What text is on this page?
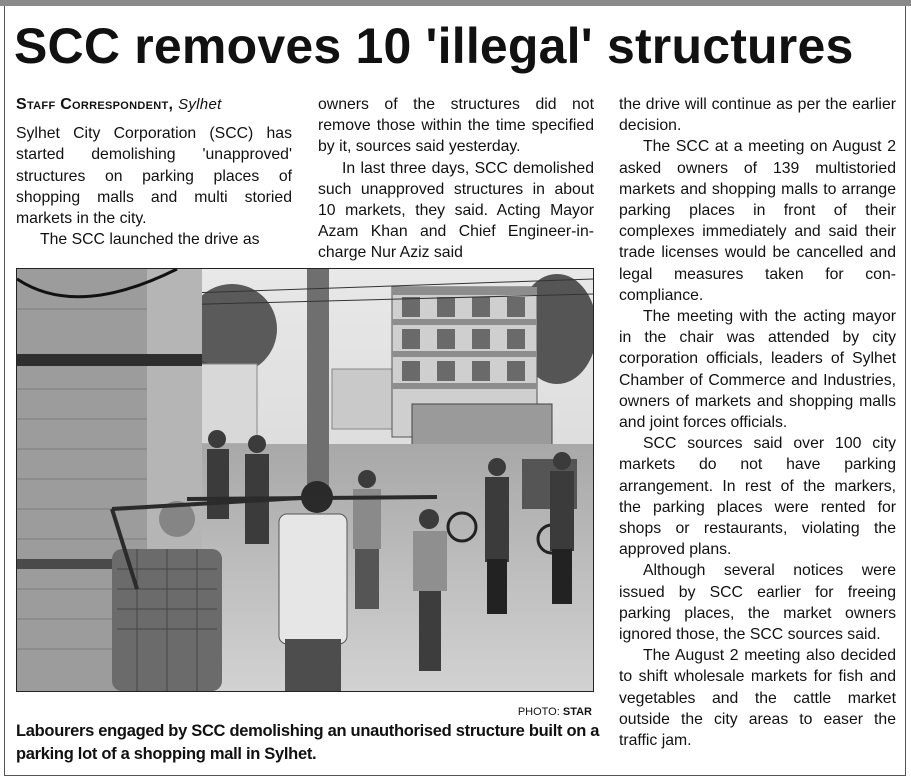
SCC removes 10 'illegal' structures

Staff Correspondent, Sylhet

Sylhet City Corporation (SCC) has started demolishing 'unapproved' structures on parking places of shopping malls and multi storied markets in the city.

The SCC launched the drive as

owners of the structures did not remove those within the time specified by it, sources said yesterday.

In last three days, SCC demolished such unapproved structures in about 10 markets, they said. Acting Mayor Azam Khan and Chief Engineer-in-charge Nur Aziz said

the drive will continue as per the earlier decision.

The SCC at a meeting on August 2 asked owners of 139 multistoried markets and shopping malls to arrange parking places in front of their complexes immediately and said their trade licenses would be cancelled and legal measures taken for con-compliance.

The meeting with the acting mayor in the chair was attended by city corporation officials, leaders of Sylhet Chamber of Commerce and Industries, owners of markets and shopping malls and joint forces officials.

SCC sources said over 100 city markets do not have parking arrangement. In rest of the markers, the parking places were rented for shops or restaurants, violating the approved plans.

Although several notices were issued by SCC earlier for freeing parking places, the market owners ignored those, the SCC sources said.

The August 2 meeting also decided to shift wholesale markets for fish and vegetables and the cattle market outside the city areas to easer the traffic jam.

PHOTO: STAR
Labourers engaged by SCC demolishing an unauthorised structure built on a parking lot of a shopping mall in Sylhet.
